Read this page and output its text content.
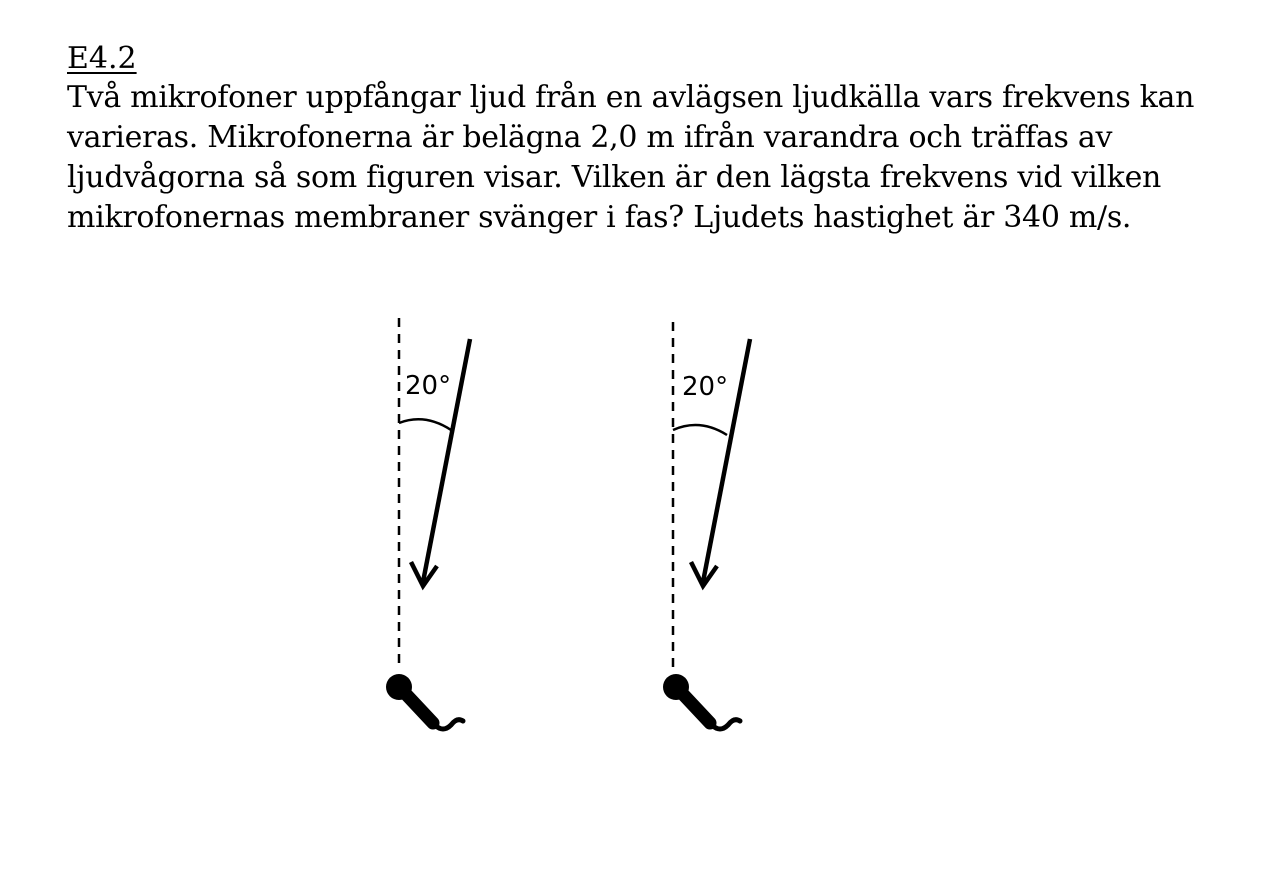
E4.2
Två mikrofoner uppfångar ljud från en avlägsen ljudkälla vars frekvens kan
varieras. Mikrofonerna är belägna 2,0 m ifrån varandra och träffas av
ljudvågorna så som figuren visar. Vilken är den lägsta frekvens vid vilken
mikrofonernas membraner svänger i fas? Ljudets hastighet är 340 m/s.
20°	20°
